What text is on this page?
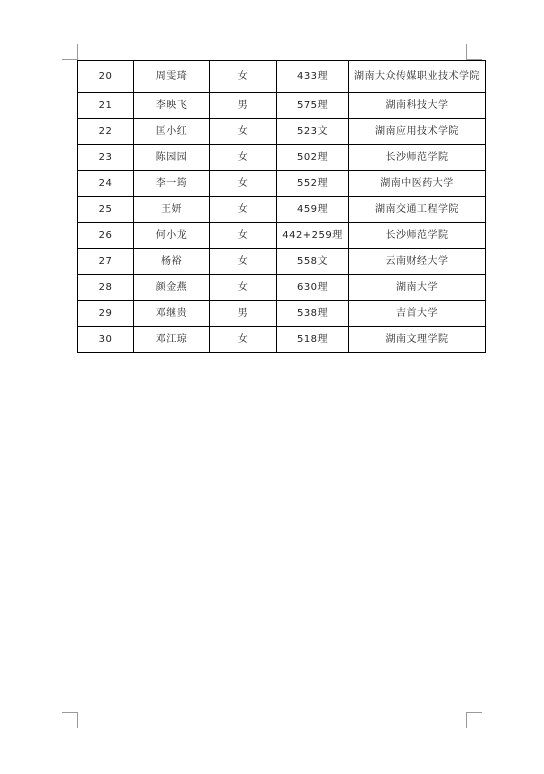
20	周雯琦	女	433理	湖南大众传媒职业技术学院
21	李映飞	男	575理	湖南科技大学
22	匡小红	女	523文	湖南应用技术学院
23	陈园园	女	502理	长沙师范学院
24	李一筠	女	552理	湖南中医药大学
25	王妍	女	459理	湖南交通工程学院
26	何小龙	女	442+259理	长沙师范学院
27	杨裕	女	558文	云南财经大学
28	颜金燕	女	630理	湖南大学
29	邓继贵	男	538理	吉首大学
30	邓江琼	女	518理	湖南文理学院
